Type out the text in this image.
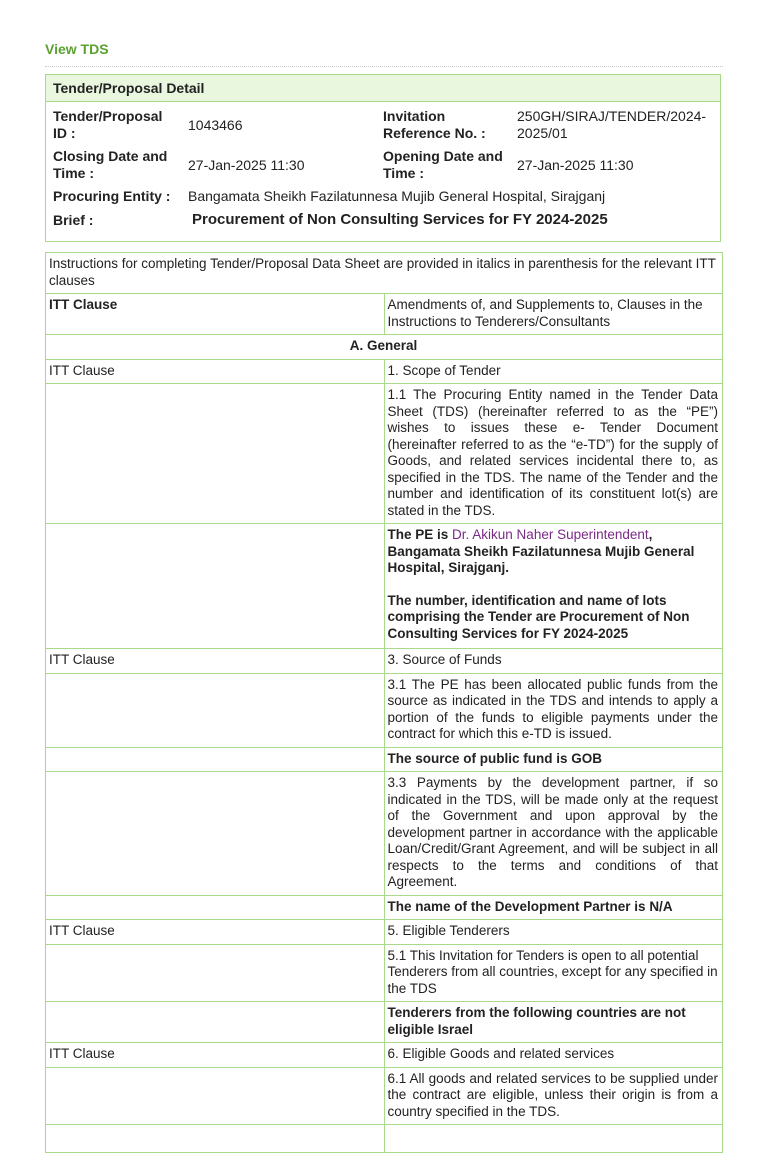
View TDS
Tender/Proposal Detail
Tender/Proposal ID :	1043466
Invitation Reference No. :
250GH/SIRAJ/TENDER/2024-2025/01
Closing Date and Time :	27-Jan-2025 11:30
Opening Date and Time :	27-Jan-2025 11:30
Procuring Entity : Bangamata Sheikh Fazilatunnesa Mujib General Hospital, Sirajganj
Brief :	Procurement of Non Consulting Services for FY 2024-2025
Instructions for completing Tender/Proposal Data Sheet are provided in italics in parenthesis for the relevant ITT clauses	
ITT Clause	Amendments of, and Supplements to, Clauses in the Instructions to Tenderers/Consultants
A. General	
ITT Clause	1. Scope of Tender
	1.1 The Procuring Entity named in the Tender Data Sheet (TDS) (hereinafter referred to as the “PE”) wishes to issues these e- Tender Document (hereinafter referred to as the “e-TD”) for the supply of Goods, and related services incidental there to, as specified in the TDS. The name of the Tender and the number and identification of its constituent lot(s) are stated in the TDS.

	The PE is Dr. Akikun Naher Superintendent, Bangamata Sheikh Fazilatunnesa Mujib General Hospital, Sirajganj.
The number, identification and name of lots comprising the Tender are Procurement of Non Consulting Services for FY 2024-2025

ITT Clause	3. Source of Funds
	3.1 The PE has been allocated public funds from the source as indicated in the TDS and intends to apply a portion of the funds to eligible payments under the contract for which this e-TD is issued.
	The source of public fund is GOB
	3.3 Payments by the development partner, if so indicated in the TDS, will be made only at the request of the Government and upon approval by the development partner in accordance with the applicable Loan/Credit/Grant Agreement, and will be subject in all respects to the terms and conditions of that Agreement.
	The name of the Development Partner is N/A
ITT Clause	5. Eligible Tenderers
	5.1 This Invitation for Tenders is open to all potential Tenderers from all countries, except for any specified in the TDS
	Tenderers from the following countries are not eligible Israel
ITT Clause	6. Eligible Goods and related services
	6.1 All goods and related services to be supplied under the contract are eligible, unless their origin is from a country specified in the TDS.
